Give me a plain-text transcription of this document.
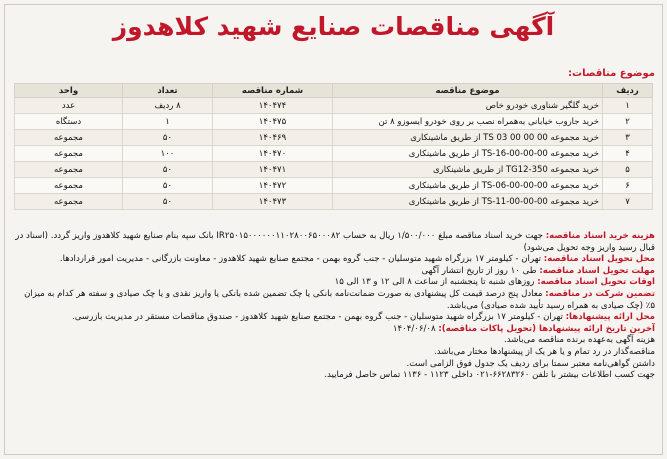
آگهی مناقصات صنایع شهید کلاهدوز
موضوع مناقصات:
ردیف	موضوع مناقصه	شماره مناقصه	تعداد	واحد
۱	خرید گلگیر شناوری خودرو خاص	۱۴۰۴۷۴	۸ ردیف	عدد
۲	خرید جاروب خیابانی به‌همراه نصب بر روی خودرو ایسوزو ۸ تن	۱۴۰۴۷۵	۱	دستگاه
۳	خرید مجموعه TS 03 00 00 00 از طریق ماشینکاری	۱۴۰۴۶۹	۵۰	مجموعه
۴	خرید مجموعه TS-16-00-00-00 از طریق ماشینکاری	۱۴۰۴۷۰	۱۰۰	مجموعه
۵	خرید مجموعه TG12-350 از طریق ماشینکاری	۱۴۰۴۷۱	۵۰	مجموعه
۶	خرید مجموعه TS-06-00-00-00 از طریق ماشینکاری	۱۴۰۴۷۲	۵۰	مجموعه
۷	خرید مجموعه TS-11-00-00-00 از طریق ماشینکاری	۱۴۰۴۷۳	۵۰	مجموعه

هزینه خرید اسناد مناقصه: جهت خرید اسناد مناقصه مبلغ ۱/۵۰۰/۰۰۰ ریال به حساب IR۲۵۰۱۵۰۰۰۰۰۰۱۱۰۲۸۰۰۶۵۰۰۰۸۲ بانک سپه بنام صنایع شهید کلاهدوز واریز گردد. (اسناد در قبال رسید واریز وجه تحویل می‌شود)

محل تحویل اسناد مناقصه: تهران - کیلومتر ۱۷ بزرگراه شهید متوسلیان - جنب گروه بهمن - مجتمع صنایع شهید کلاهدوز - معاونت بازرگانی - مدیریت امور قراردادها.

مهلت تحویل اسناد مناقصه: طی ۱۰ روز از تاریخ انتشار آگهی

اوقات تحویل اسناد مناقصه: روزهای شنبه تا پنجشنبه از ساعت ۸ الی ۱۲ و ۱۳ الی ۱۵

تضمین شرکت در مناقصه: معادل پنج درصد قیمت کل پیشنهادی به صورت ضمانت‌نامه بانکی یا چک تضمین شده بانکی یا واریز نقدی و یا چک صیادی و سفته هر کدام به میزان ۵٪ (چک صیادی به همراه رسید تأیید شده صیادی) می‌باشد.

محل ارائه پیشنهادها: تهران - کیلومتر ۱۷ بزرگراه شهید متوسلیان - جنب گروه بهمن - مجتمع صنایع شهید کلاهدوز - صندوق مناقصات مستقر در مدیریت بازرسی.

آخرین تاریخ ارائه پیشنهادها (تحویل پاکات مناقصه): ۱۴۰۴/۰۶/۰۸

هزینه آگهی به‌عهده برنده مناقصه می‌باشد.

مناقصه‌گذار در رد تمام و یا هر یک از پیشنهادها مختار می‌باشد.

داشتن گواهی‌نامه معتبر سمتا برای ردیف یک جدول فوق الزامی است.

جهت کسب اطلاعات بیشتر با تلفن ۶۶۲۸۳۲۶۰-۰۲۱ داخلی ۱۱۲۳ - ۱۱۳۶ تماس حاصل فرمایید.
